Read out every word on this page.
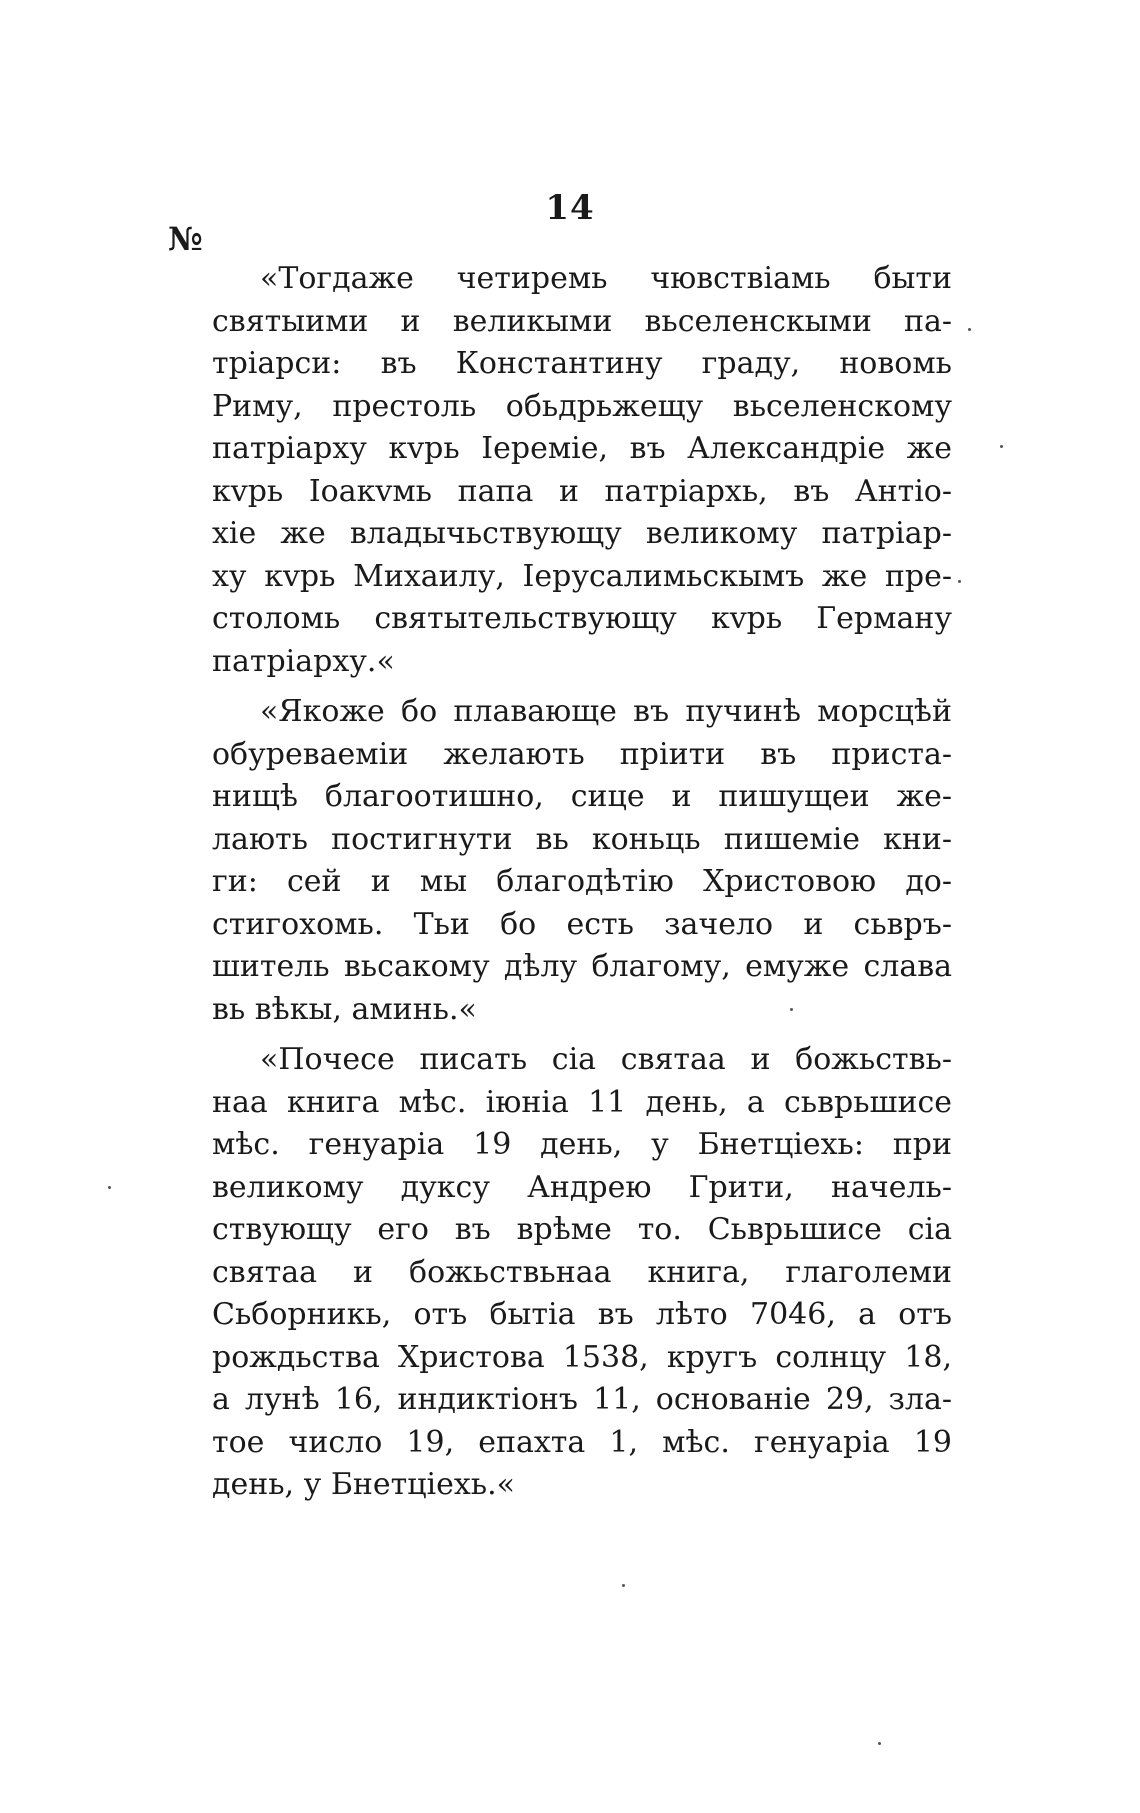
14
№

«Тогдаже четиремь чювствіамь быти
святыими и великыми вьселенскыми па-
тріарси: въ Константину граду, новомь
Риму, престоль обьдрьжещу вьселенскому
патріарху кvрь Іереміе, въ Александріе же
кvрь Іоакvмь папа и патріархь, въ Антіо-
хіе же владычьствующу великому патріар-
ху кvрь Михаилу, Іерусалимьскымъ же пре-
столомь святытельствующу кvрь Герману
патріарху.«

«Якоже бо плавающе въ пучинѣ морсцѣй
обуреваеміи желають пріити въ приста-
нищѣ благоотишно, сице и пишущеи же-
лають постигнути вь коньць пишеміе кни-
ги: сей и мы благодѣтію Христовою до-
стигохомь. Тьи бо есть зачело и сьвръ-
шитель вьсакому дѣлу благому, емуже слава
вь вѣкы, аминь.«

«Почесе писать сіа святаа и божьствь-
наа книга мѣс. іюніа 11 день, а сьврьшисе
мѣс. генуаріа 19 день, у Бнетціехь: при
великому дуксу Андрею Грити, начель-
ствующу его въ врѣме то. Сьврьшисе сіа
святаа и божьствьнаа книга, глаголеми
Сьборникь, отъ бытіа въ лѣто 7046, а отъ
рождьства Христова 1538, кругъ солнцу 18,
а лунѣ 16, индиктіонъ 11, основаніе 29, зла-
тое число 19, епахта 1, мѣс. генуаріа 19
день, у Бнетціехь.«
